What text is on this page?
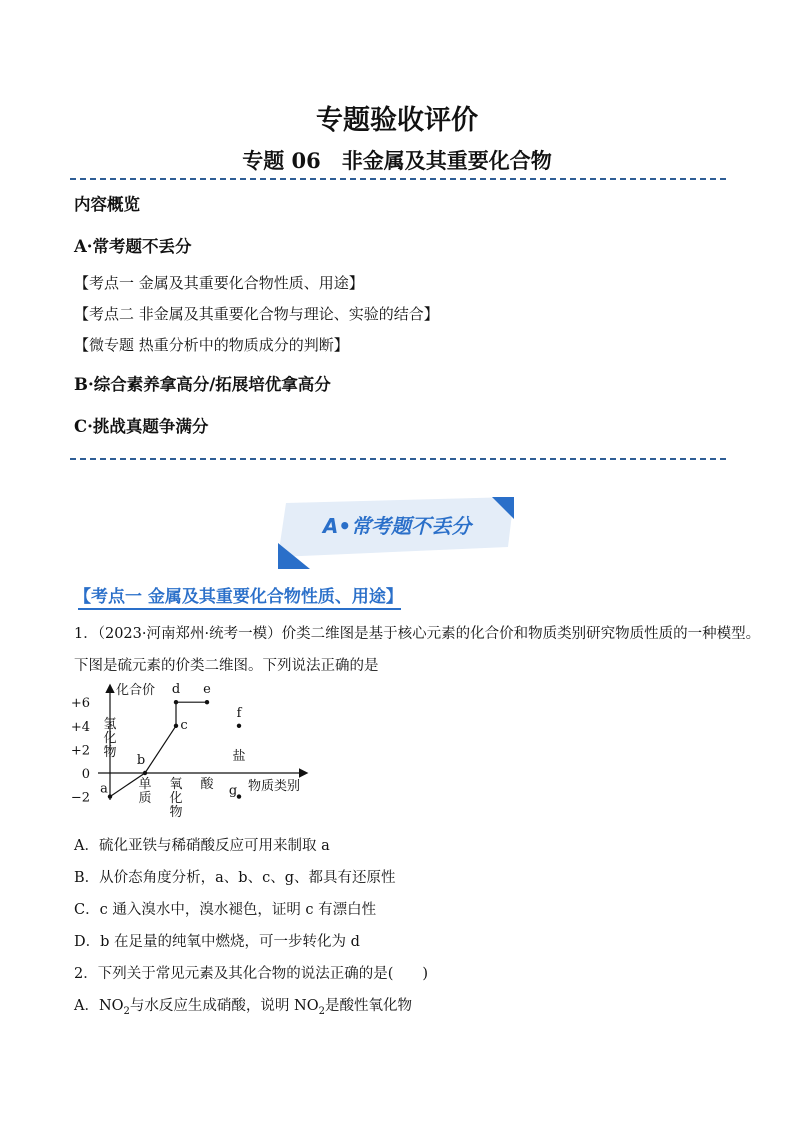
专题验收评价
专题 06　非金属及其重要化合物
内容概览
A·常考题不丢分
【考点一 金属及其重要化合物性质、用途】
【考点二 非金属及其重要化合物与理论、实验的结合】
【微专题 热重分析中的物质成分的判断】
B·综合素养拿高分/拓展培优拿高分
C·挑战真题争满分
A•常考题不丢分
【考点一 金属及其重要化合物性质、用途】
1．（2023·河南郑州·统考一模）价类二维图是基于核心元素的化合价和物质类别研究物质性质的一种模型。
下图是硫元素的价类二维图。下列说法正确的是
化合价
物质类别
+6
+4
+2
0
−2
氢化物
单质
氧化物
酸
盐
a
b
c
d e
f
g
A．硫化亚铁与稀硝酸反应可用来制取 a
B．从价态角度分析，a、b、c、g、都具有还原性
C．c 通入溴水中，溴水褪色，证明 c 有漂白性
D．b 在足量的纯氧中燃烧，可一步转化为 d
2．下列关于常见元素及其化合物的说法正确的是(　　)
A．$NO_2$与水反应生成硝酸，说明 $NO_2$是酸性氧化物
